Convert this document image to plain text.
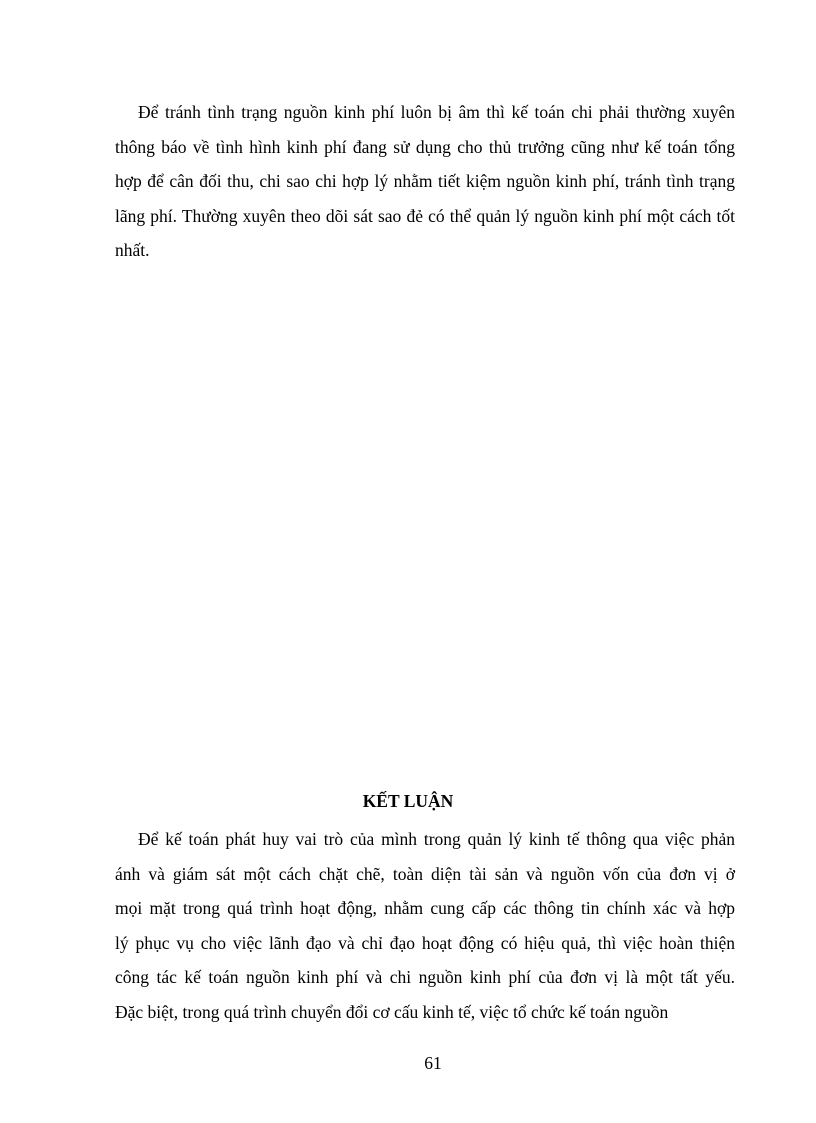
Để tránh tình trạng nguồn kinh phí luôn bị âm thì kế toán chi phải thường xuyên
thông báo về tình hình kinh phí đang sử dụng cho thủ trưởng cũng như kế toán tổng
hợp để cân đối thu, chi sao chi hợp lý nhằm tiết kiệm nguồn kinh phí, tránh tình trạng
lãng phí. Thường xuyên theo dõi sát sao đẻ có thể quản lý nguồn kinh phí một cách tốt
nhất.

KẾT LUẬN

Để kế toán phát huy vai trò của mình trong quản lý kinh tế thông qua việc phản
ánh và giám sát một cách chặt chẽ, toàn diện tài sản và nguồn vốn của đơn vị ở
mọi mặt trong quá trình hoạt động, nhằm cung cấp các thông tin chính xác và hợp
lý phục vụ cho việc lãnh đạo và chỉ đạo hoạt động có hiệu quả, thì việc hoàn thiện
công tác kế toán nguồn kinh phí và chi nguồn kinh phí của đơn vị là một tất yếu.
Đặc biệt, trong quá trình chuyển đổi cơ cấu kinh tế, việc tổ chức kế toán nguồn

61
